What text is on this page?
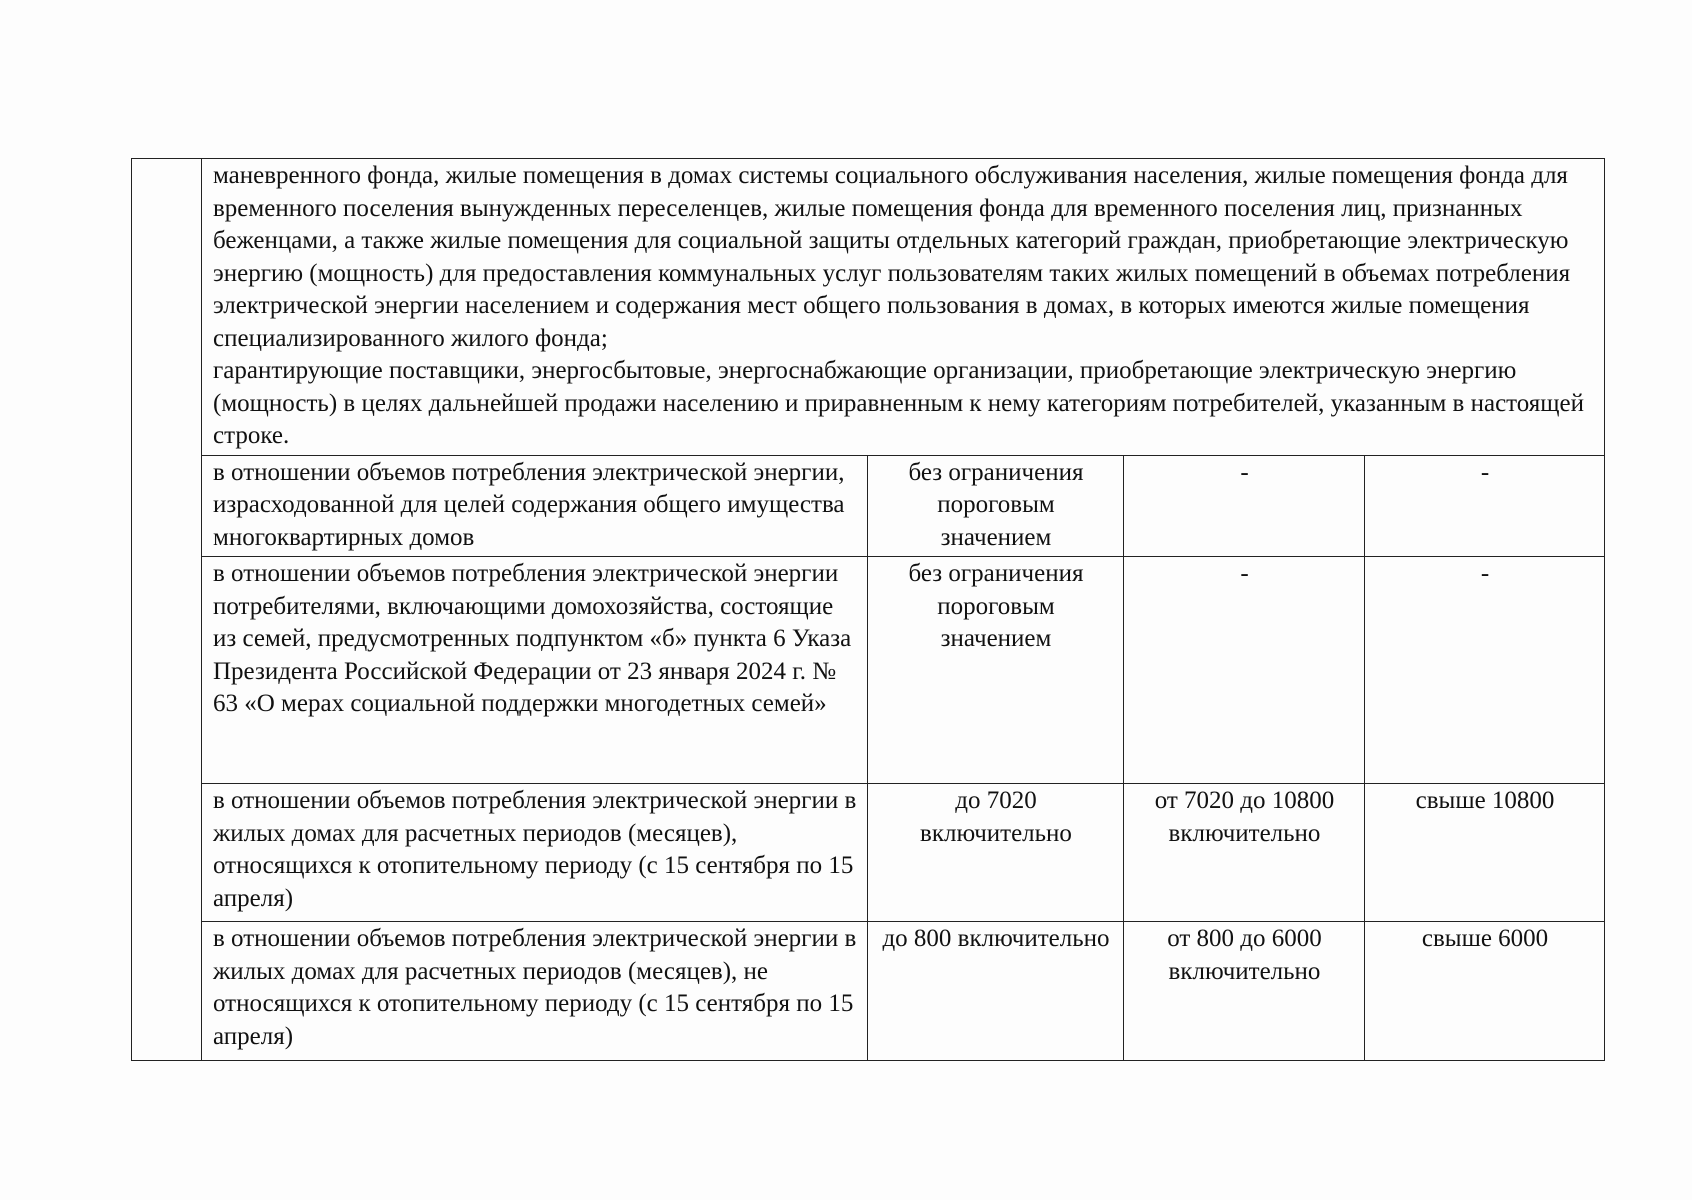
	маневренного фонда, жилые помещения в домах системы социального обслуживания населения, жилые помещения фонда для временного поселения вынужденных переселенцев, жилые помещения фонда для временного поселения лиц, признанных беженцами, а также жилые помещения для социальной защиты отдельных категорий граждан, приобретающие электрическую энергию (мощность) для предоставления коммунальных услуг пользователям таких жилых помещений в объемах потребления электрической энергии населением и содержания мест общего пользования в домах, в которых имеются жилые помещения специализированного жилого фонда;

гарантирующие поставщики, энергосбытовые, энергоснабжающие организации, приобретающие электрическую энергию (мощность) в целях дальнейшей продажи населению и приравненным к нему категориям потребителей, указанным в настоящей строке.			

	в отношении объемов потребления электрической энергии, израсходованной для целей содержания общего имущества многоквартирных домов	без ограничения пороговым значением	-	-
	в отношении объемов потребления электрической энергии потребителями, включающими домохозяйства, состоящие из семей, предусмотренных подпунктом «б» пункта 6 Указа Президента Российской Федерации от 23 января 2024 г. № 63 «О мерах социальной поддержки многодетных семей»	без ограничения пороговым значением	-	-
	в отношении объемов потребления электрической энергии в жилых домах для расчетных периодов (месяцев), относящихся к отопительному периоду (с 15 сентября по 15 апреля)	до 7020 включительно	от 7020 до 10800 включительно	свыше 10800
	в отношении объемов потребления электрической энергии в жилых домах для расчетных периодов (месяцев), не относящихся к отопительному периоду (с 15 сентября по 15 апреля)	до 800 включительно	от 800 до 6000 включительно	свыше 6000
